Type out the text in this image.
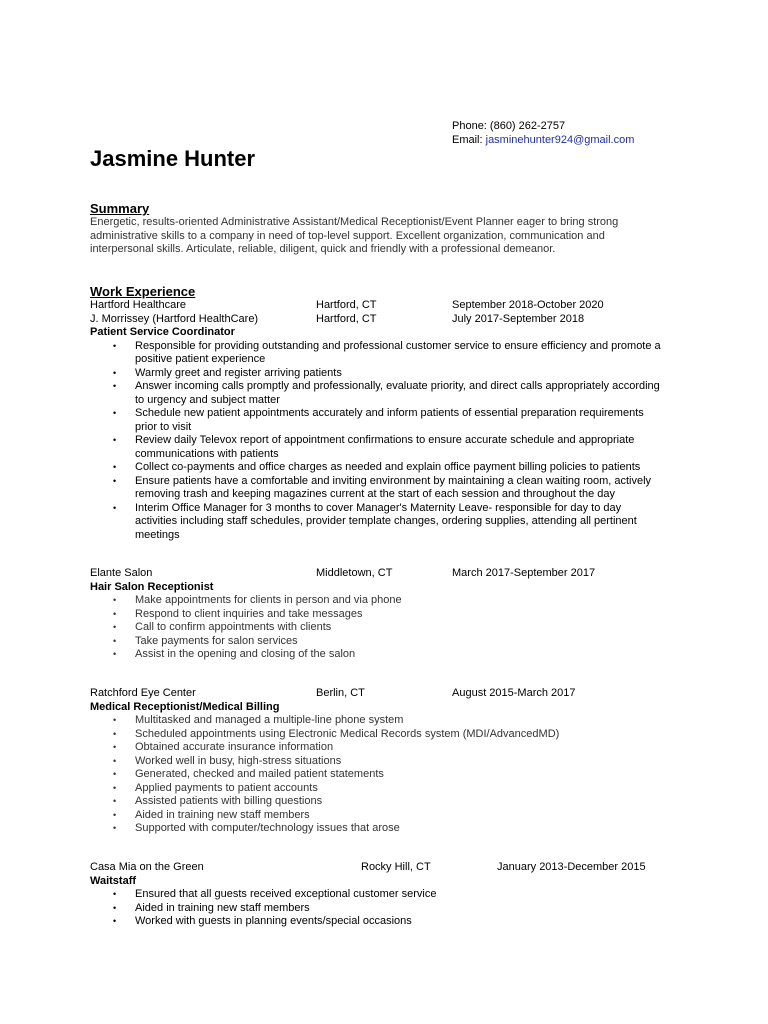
Phone: (860) 262-2757
Email: jasminehunter924@gmail.com
Jasmine Hunter
Summary
Energetic, results-oriented Administrative Assistant/Medical Receptionist/Event Planner eager to bring strong
administrative skills to a company in need of top-level support. Excellent organization, communication and
interpersonal skills. Articulate, reliable, diligent, quick and friendly with a professional demeanor.
Work Experience
Hartford Healthcare	Hartford, CT	September 2018-October 2020
J. Morrissey (Hartford HealthCare)	Hartford, CT	July 2017-September 2018
Patient Service Coordinator
• Responsible for providing outstanding and professional customer service to ensure efficiency and promote a
positive patient experience
• Warmly greet and register arriving patients
• Answer incoming calls promptly and professionally, evaluate priority, and direct calls appropriately according
to urgency and subject matter
• Schedule new patient appointments accurately and inform patients of essential preparation requirements
prior to visit
• Review daily Televox report of appointment confirmations to ensure accurate schedule and appropriate
communications with patients
• Collect co-payments and office charges as needed and explain office payment billing policies to patients
• Ensure patients have a comfortable and inviting environment by maintaining a clean waiting room, actively
removing trash and keeping magazines current at the start of each session and throughout the day
• Interim Office Manager for 3 months to cover Manager's Maternity Leave- responsible for day to day
activities including staff schedules, provider template changes, ordering supplies, attending all pertinent
meetings
Elante Salon	Middletown, CT	March 2017-September 2017
Hair Salon Receptionist
• Make appointments for clients in person and via phone
• Respond to client inquiries and take messages
• Call to confirm appointments with clients
• Take payments for salon services
• Assist in the opening and closing of the salon
Ratchford Eye Center	Berlin, CT	August 2015-March 2017
Medical Receptionist/Medical Billing
• Multitasked and managed a multiple-line phone system
• Scheduled appointments using Electronic Medical Records system (MDI/AdvancedMD)
• Obtained accurate insurance information
• Worked well in busy, high-stress situations
• Generated, checked and mailed patient statements
• Applied payments to patient accounts
• Assisted patients with billing questions
• Aided in training new staff members
• Supported with computer/technology issues that arose
Casa Mia on the Green	Rocky Hill, CT	January 2013-December 2015
Waitstaff
• Ensured that all guests received exceptional customer service
• Aided in training new staff members
• Worked with guests in planning events/special occasions
